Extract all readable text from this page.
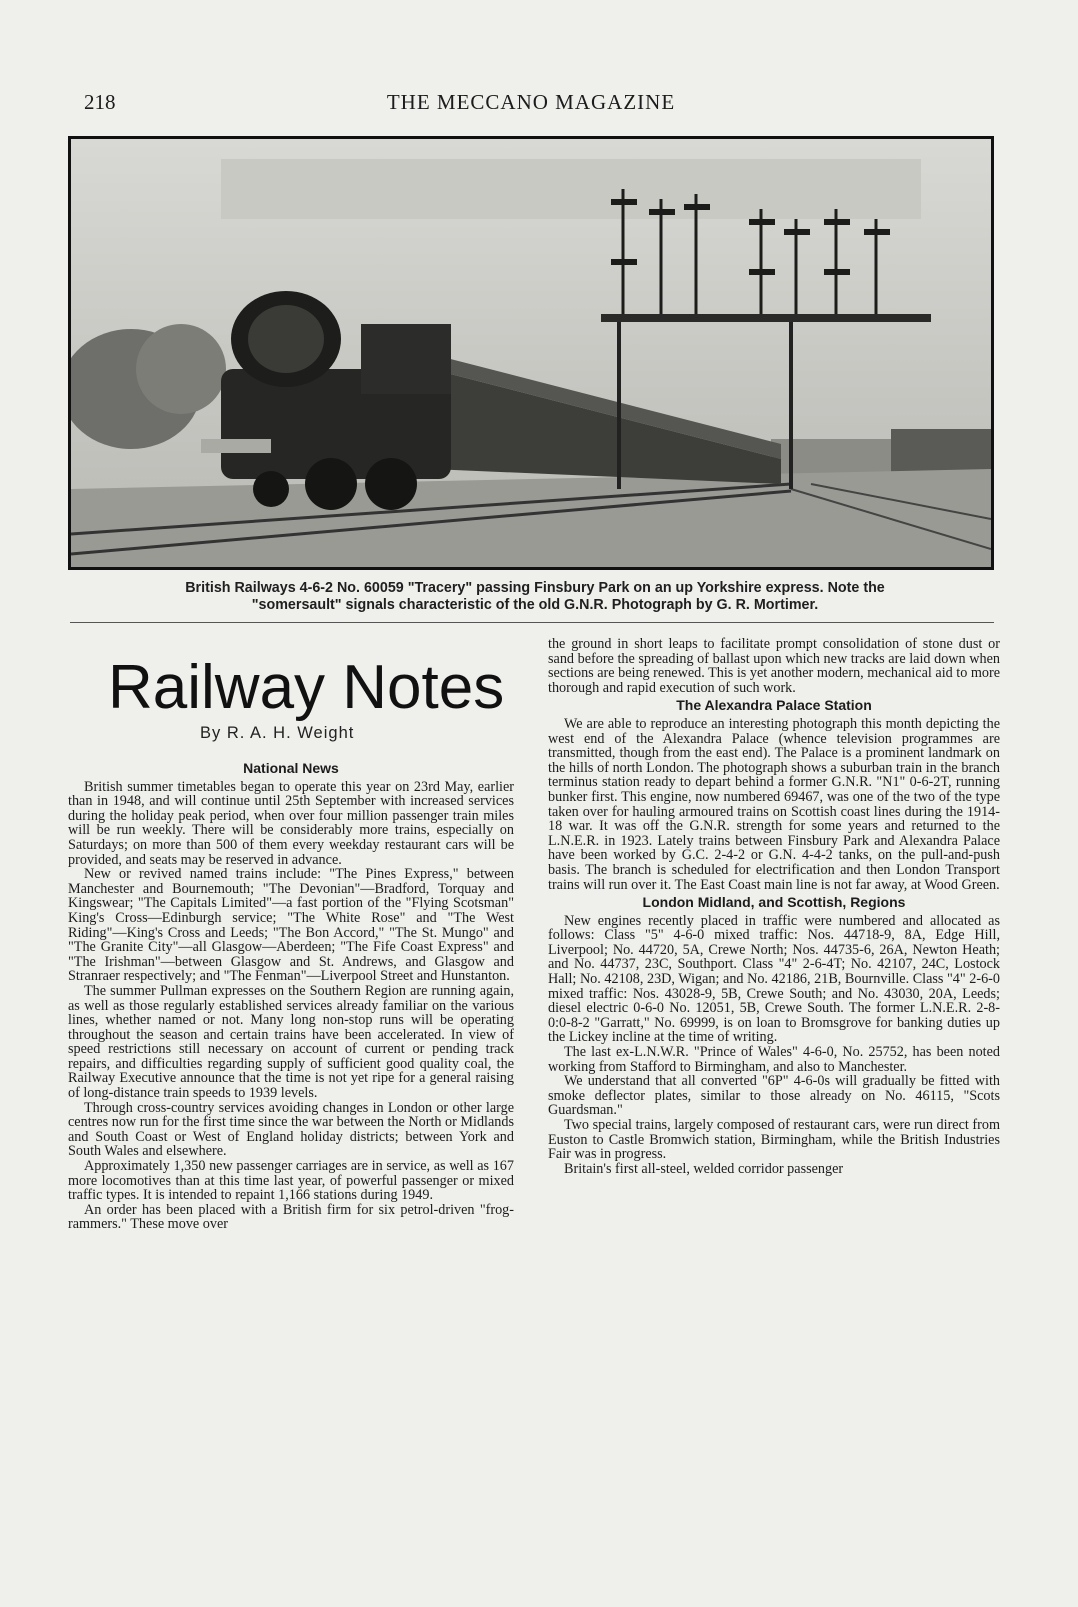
218	THE MECCANO MAGAZINE
British Railways 4-6-2 No. 60059 "Tracery" passing Finsbury Park on an up Yorkshire express. Note the
"somersault" signals characteristic of the old G.N.R. Photograph by G. R. Mortimer.
Railway Notes
By R. A. H. Weight
National News

British summer timetables began to operate this year on 23rd May, earlier than in 1948, and will continue until 25th September with increased services during the holiday peak period, when over four million passenger train miles will be run weekly. There will be considerably more trains, especially on Saturdays; on more than 500 of them every weekday restaurant cars will be provided, and seats may be reserved in advance.

New or revived named trains include: "The Pines Express," between Manchester and Bournemouth; "The Devonian"—Bradford, Torquay and Kingswear; "The Capitals Limited"—a fast portion of the "Flying Scotsman" King's Cross—Edinburgh service; "The White Rose" and "The West Riding"—King's Cross and Leeds; "The Bon Accord," "The St. Mungo" and "The Granite City"—all Glasgow—Aberdeen; "The Fife Coast Express" and "The Irishman"—between Glasgow and St. Andrews, and Glasgow and Stranraer respectively; and "The Fenman"—Liverpool Street and Hunstanton.

The summer Pullman expresses on the Southern Region are running again, as well as those regularly established services already familiar on the various lines, whether named or not. Many long non-stop runs will be operating throughout the season and certain trains have been accelerated. In view of speed restrictions still necessary on account of current or pending track repairs, and difficulties regarding supply of sufficient good quality coal, the Railway Executive announce that the time is not yet ripe for a general raising of long-distance train speeds to 1939 levels.

Through cross-country services avoiding changes in London or other large centres now run for the first time since the war between the North or Midlands and South Coast or West of England holiday districts; between York and South Wales and elsewhere.

Approximately 1,350 new passenger carriages are in service, as well as 167 more locomotives than at this time last year, of powerful passenger or mixed traffic types. It is intended to repaint 1,166 stations during 1949.

An order has been placed with a British firm for six petrol-driven "frog-rammers." These move over

the ground in short leaps to facilitate prompt consolidation of stone dust or sand before the spreading of ballast upon which new tracks are laid down when sections are being renewed. This is yet another modern, mechanical aid to more thorough and rapid execution of such work.

The Alexandra Palace Station

We are able to reproduce an interesting photograph this month depicting the west end of the Alexandra Palace (whence television programmes are transmitted, though from the east end). The Palace is a prominent landmark on the hills of north London. The photograph shows a suburban train in the branch terminus station ready to depart behind a former G.N.R. "N1" 0-6-2T, running bunker first. This engine, now numbered 69467, was one of the two of the type taken over for hauling armoured trains on Scottish coast lines during the 1914-18 war. It was off the G.N.R. strength for some years and returned to the L.N.E.R. in 1923. Lately trains between Finsbury Park and Alexandra Palace have been worked by G.C. 2-4-2 or G.N. 4-4-2 tanks, on the pull-and-push basis. The branch is scheduled for electrification and then London Transport trains will run over it. The East Coast main line is not far away, at Wood Green.

London Midland, and Scottish, Regions

New engines recently placed in traffic were numbered and allocated as follows: Class "5" 4-6-0 mixed traffic: Nos. 44718-9, 8A, Edge Hill, Liverpool; No. 44720, 5A, Crewe North; Nos. 44735-6, 26A, Newton Heath; and No. 44737, 23C, Southport. Class "4" 2-6-4T; No. 42107, 24C, Lostock Hall; No. 42108, 23D, Wigan; and No. 42186, 21B, Bournville. Class "4" 2-6-0 mixed traffic: Nos. 43028-9, 5B, Crewe South; and No. 43030, 20A, Leeds; diesel electric 0-6-0 No. 12051, 5B, Crewe South. The former L.N.E.R. 2-8-0:0-8-2 "Garratt," No. 69999, is on loan to Bromsgrove for banking duties up the Lickey incline at the time of writing.

The last ex-L.N.W.R. "Prince of Wales" 4-6-0, No. 25752, has been noted working from Stafford to Birmingham, and also to Manchester.

We understand that all converted "6P" 4-6-0s will gradually be fitted with smoke deflector plates, similar to those already on No. 46115, "Scots Guardsman."

Two special trains, largely composed of restaurant cars, were run direct from Euston to Castle Bromwich station, Birmingham, while the British Industries Fair was in progress.

Britain's first all-steel, welded corridor passenger
